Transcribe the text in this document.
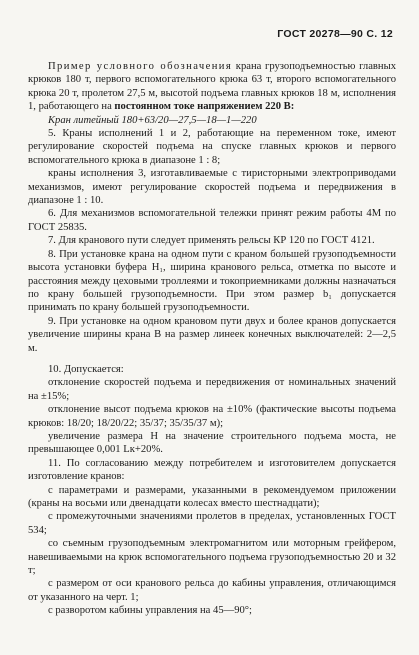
ГОСТ 20278—90 С. 12

Пример условного обозначения крана грузоподъемностью главных крюков 180 т, первого вспомогательного крюка 63 т, второго вспомогательного крюка 20 т, пролетом 27,5 м, высотой подъема главных крюков 18 м, исполнения 1, работающего на постоянном токе напряжением 220 В:

Кран литейный 180+63/20—27,5—18—1—220

5. Краны исполнений 1 и 2, работающие на переменном токе, имеют регулирование скоростей подъема на спуске главных крюков и первого вспомогательного крюка в диапазоне 1 : 8;

краны исполнения 3, изготавливаемые с тиристорными электроприводами механизмов, имеют регулирование скоростей подъема и передвижения в диапазоне 1 : 10.

6. Для механизмов вспомогательной тележки принят режим работы 4М по ГОСТ 25835.

7. Для кранового пути следует применять рельсы КР 120 по ГОСТ 4121.

8. При установке крана на одном пути с краном большей грузоподъемности высота установки буфера H₁, ширина кранового рельса, отметка по высоте и расстояния между цеховыми троллеями и токоприемниками должны назначаться по крану большей грузоподъемности. При этом размер b₁ допускается принимать по крану большей грузоподъемности.

9. При установке на одном крановом пути двух и более кранов допускается увеличение ширины крана B на размер линеек конечных выключателей: 2—2,5 м.

10. Допускается:

отклонение скоростей подъема и передвижения от номинальных значений на ±15%;

отклонение высот подъема крюков на ±10% (фактические высоты подъема крюков: 18/20; 18/20/22; 35/37; 35/35/37 м);

увеличение размера H на значение строительного подъема моста, не превышающее 0,001 Lк+20%.

11. По согласованию между потребителем и изготовителем допускается изготовление кранов:

с параметрами и размерами, указанными в рекомендуемом приложении (краны на восьми или двенадцати колесах вместо шестнадцати);

с промежуточными значениями пролетов в пределах, установленных ГОСТ 534;

со съемным грузоподъемным электромагнитом или моторным грейфером, навешиваемыми на крюк вспомогательного подъема грузоподъемностью 20 и 32 т;

с размером от оси кранового рельса до кабины управления, отличающимся от указанного на черт. 1;

с разворотом кабины управления на 45—90°;
